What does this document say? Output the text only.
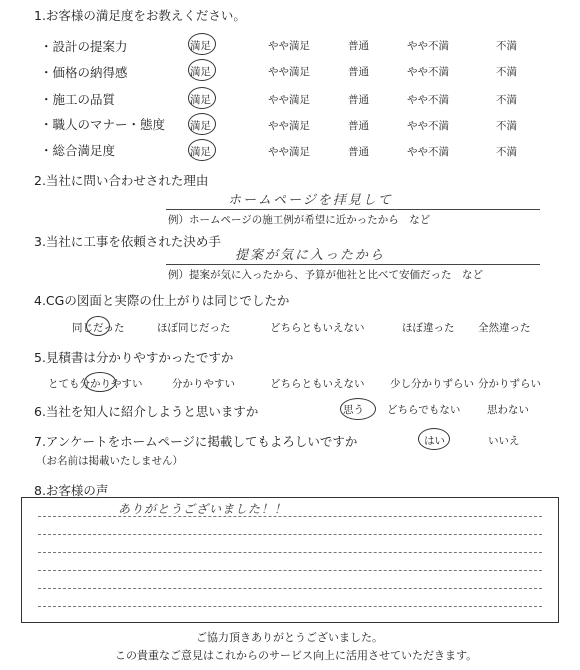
1.お客様の満足度をお教えください。
・設計の提案力	満足	やや満足	普通	やや不満	不満
・価格の納得感	満足	やや満足	普通	やや不満	不満
・施工の品質	満足	やや満足	普通	やや不満	不満
・職人のマナー・態度 満足	やや満足	普通	やや不満	不満
・総合満足度	満足	やや満足	普通	やや不満	不満
2.当社に問い合わせされた理由
ホームページを拝見して
例）ホームページの施工例が希望に近かったから　など
3.当社に工事を依頼された決め手
提案が気に入ったから
例）提案が気に入ったから、予算が他社と比べて安価だった　など
4.CGの図面と実際の仕上がりは同じでしたか
同じだった	ほぼ同じだった	どちらともいえない	ほぼ違った 全然違った
5.見積書は分かりやすかったですか
とても分かりやすい	分かりやすい	どちらともいえない 少し分かりずらい 分かりずらい
6.当社を知人に紹介しようと思いますか	思う どちらでもない	思わない
7.アンケートをホームページに掲載してもよろしいですか
（お名前は掲載いたしません）
はい	いいえ
8.お客様の声
ありがとうございました！！
ご協力頂きありがとうございました。
この貴重なご意見はこれからのサービス向上に活用させていただきます。
